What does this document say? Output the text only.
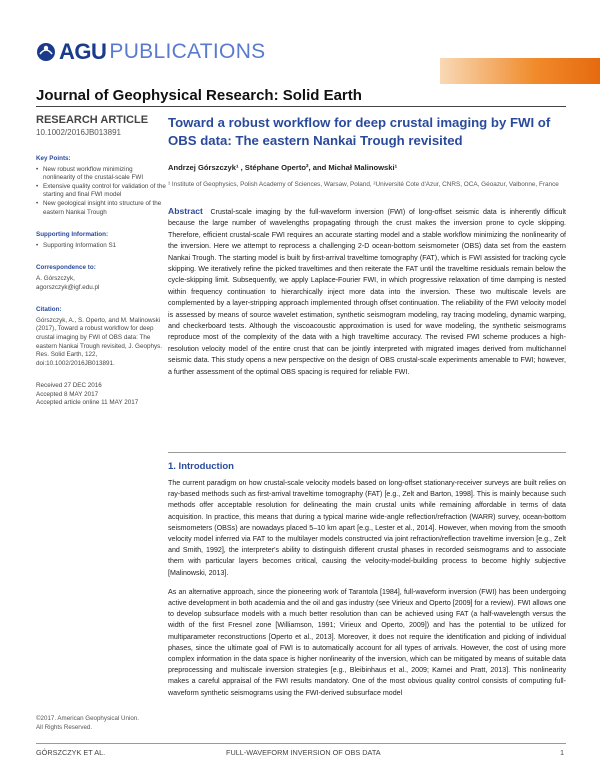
AGU PUBLICATIONS
JGR
Journal of Geophysical Research: Solid Earth
RESEARCH ARTICLE
10.1002/2016JB013891
Key Points:
• New robust workflow minimizing nonlinearity of the crustal-scale FWI
• Extensive quality control for validation of the starting and final FWI model
• New geological insight into structure of the eastern Nankai Trough
Supporting Information:
• Supporting Information S1
Correspondence to:
A. Górszczyk,
agorszczyk@igf.edu.pl
Citation:
Górszczyk, A., S. Operto, and M. Malinowski (2017), Toward a robust workflow for deep crustal imaging by FWI of OBS data: The eastern Nankai Trough revisited, J. Geophys. Res. Solid Earth, 122, doi:10.1002/2016JB013891.
Received 27 DEC 2016
Accepted 8 MAY 2017
Accepted article online 11 MAY 2017
Toward a robust workflow for deep crustal imaging by FWI of OBS data: The eastern Nankai Trough revisited
Andrzej Górszczyk¹ , Stéphane Operto², and Michał Malinowski¹
¹ Institute of Geophysics, Polish Academy of Sciences, Warsaw, Poland, ²Université Cote d'Azur, CNRS, OCA, Géoazur, Valbonne, France
Abstract Crustal-scale imaging by the full-waveform inversion (FWI) of long-offset seismic data is inherently difficult because the large number of wavelengths propagating through the crust makes the inversion prone to cycle skipping. Therefore, efficient crustal-scale FWI requires an accurate starting model and a stable workflow minimizing the nonlinearity of the inversion. Here we attempt to reprocess a challenging 2-D ocean-bottom seismometer (OBS) data set from the eastern Nankai Trough. The starting model is built by first-arrival traveltime tomography (FAT), which is FWI assisted for tracking cycle skipping. We iteratively refine the picked traveltimes and then reiterate the FAT until the traveltime residuals remain below the cycle-skipping limit. Subsequently, we apply Laplace-Fourier FWI, in which progressive relaxation of time damping is nested within frequency continuation to hierarchically inject more data into the inversion. These two multiscale levels are complemented by a layer-stripping approach implemented through offset continuation. The reliability of the FWI velocity model is assessed by means of source wavelet estimation, synthetic seismogram modeling, ray tracing modeling, dynamic warping, and checkerboard tests. Although the viscoacoustic approximation is used for wave modeling, the synthetic seismograms reproduce most of the complexity of the data with a high traveltime accuracy. The revised FWI scheme produces a high-resolution velocity model of the entire crust that can be jointly interpreted with migrated images derived from multichannel seismic data. This study opens a new perspective on the design of OBS crustal-scale experiments amenable to FWI; however, a further assessment of the optimal OBS spacing is required for reliable FWI.
1. Introduction

The current paradigm on how crustal-scale velocity models based on long-offset stationary-receiver surveys are built relies on ray-based methods such as first-arrival traveltime tomography (FAT) [e.g., Zelt and Barton, 1998]. This is mainly because such methods offer acceptable resolution for delineating the main crustal units while remaining affordable in terms of data acquisition. In practice, this means that during a typical marine wide-angle reflection/refraction (WARR) survey, ocean-bottom seismometers (OBSs) are nowadays placed 5–10 km apart [e.g., Lester et al., 2014]. However, when moving from the smooth velocity model inferred via FAT to the multilayer models constructed via joint refraction/reflection traveltime inversion [e.g., Zelt and Smith, 1992], the interpreter's ability to distinguish different crustal phases in recorded seismograms and to associate them with particular layers becomes critical, causing the velocity-model-building process to become highly subjective [Malinowski, 2013].

As an alternative approach, since the pioneering work of Tarantola [1984], full-waveform inversion (FWI) has been undergoing active development in both academia and the oil and gas industry (see Virieux and Operto [2009] for a review). FWI allows one to develop subsurface models with a much better resolution than can be achieved using FAT (a half-wavelength versus the width of the first Fresnel zone [Williamson, 1991; Virieux and Operto, 2009]) and has the potential to be utilized for multiparameter reconstructions [Operto et al., 2013]. Moreover, it does not require the identification and picking of individual phases, since the ultimate goal of FWI is to automatically account for all types of arrivals. However, the cost of using more complex information in the data space is higher nonlinearity of the inversion, which can be mitigated by means of suitable data preprocessing and multiscale inversion strategies [e.g., Bleibinhaus et al., 2009; Kamei and Pratt, 2013]. This nonlinearity makes a careful appraisal of the FWI results mandatory. One of the most obvious quality control consists of computing full-waveform synthetic seismograms using the FWI-derived subsurface model

©2017. American Geophysical Union.
All Rights Reserved.
GÓRSZCZYK ET AL.	FULL-WAVEFORM INVERSION OF OBS DATA	1
